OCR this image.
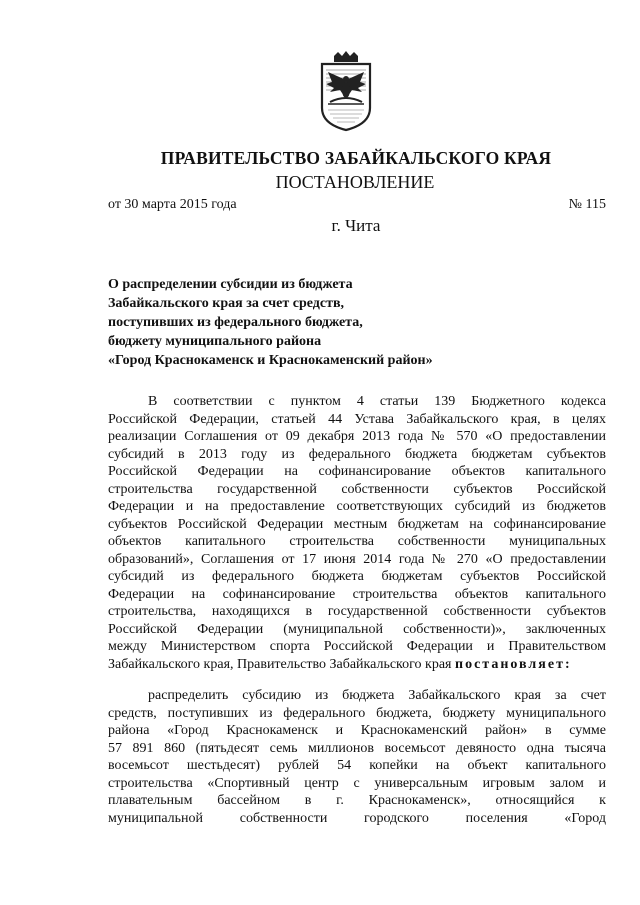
ПРАВИТЕЛЬСТВО ЗАБАЙКАЛЬСКОГО КРАЯ
ПОСТАНОВЛЕНИЕ
от 30 марта 2015 года	№ 115
г. Чита
О распределении субсидии из бюджета
Забайкальского края за счет средств,
поступивших из федерального бюджета,
бюджету муниципального района
«Город Краснокаменск и Краснокаменский район»
В соответствии с пунктом 4 статьи 139 Бюджетного кодекса
Российской Федерации, статьей 44 Устава Забайкальского края, в целях
реализации Соглашения от 09 декабря 2013 года № 570 «О предоставлении
субсидий в 2013 году из федерального бюджета бюджетам субъектов
Российской Федерации на софинансирование объектов капитального
строительства государственной собственности субъектов Российской
Федерации и на предоставление соответствующих субсидий из бюджетов
субъектов Российской Федерации местным бюджетам на софинансирование
объектов капитального строительства собственности муниципальных
образований», Соглашения от 17 июня 2014 года № 270 «О предоставлении
субсидий из федерального бюджета бюджетам субъектов Российской
Федерации на софинансирование строительства объектов капитального
строительства, находящихся в государственной собственности субъектов
Российской Федерации (муниципальной собственности)», заключенных
между Министерством спорта Российской Федерации и Правительством
Забайкальского края, Правительство Забайкальского края постановляет:
распределить субсидию из бюджета Забайкальского края за счет
средств, поступивших из федерального бюджета, бюджету муниципального
района «Город Краснокаменск и Краснокаменский район» в сумме
57 891 860 (пятьдесят семь миллионов восемьсот девяносто одна тысяча
восемьсот шестьдесят) рублей 54 копейки на объект капитального
строительства «Спортивный центр с универсальным игровым залом и
плавательным бассейном в г. Краснокаменск», относящийся к
муниципальной собственности городского поселения «Город
